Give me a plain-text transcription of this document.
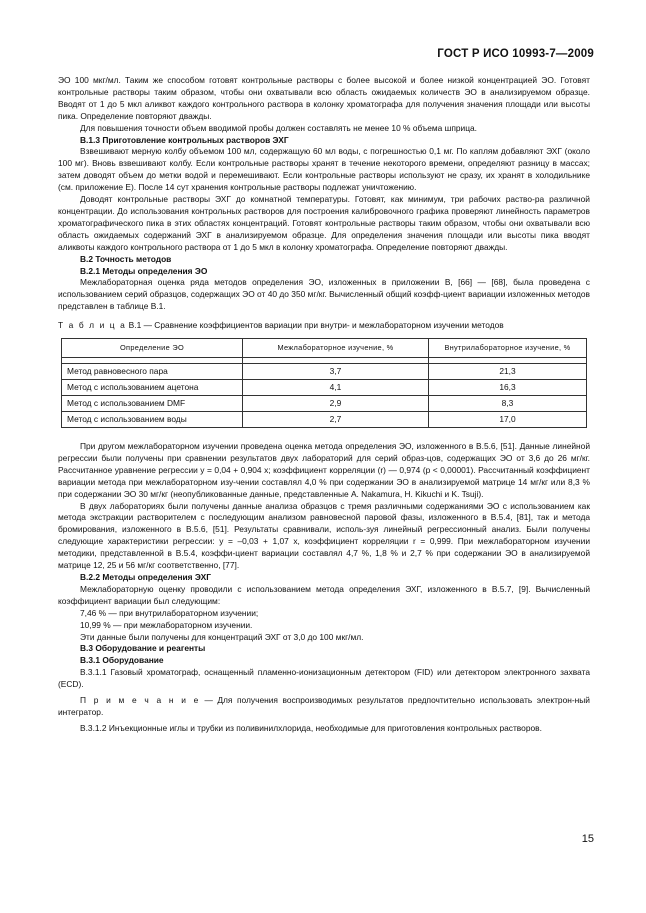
ГОСТ Р ИСО 10993-7—2009

ЭО 100 мкг/мл. Таким же способом готовят контрольные растворы с более высокой и более низкой концентрацией ЭО. Готовят контрольные растворы таким образом, чтобы они охватывали всю область ожидаемых количеств ЭО в анализируемом образце. Вводят от 1 до 5 мкл аликвот каждого контрольного раствора в колонку хроматографа для получения значения площади или высоты пика. Определение повторяют дважды.

Для повышения точности объем вводимой пробы должен составлять не менее 10 % объема шприца.

В.1.3 Приготовление контрольных растворов ЭХГ

Взвешивают мерную колбу объемом 100 мл, содержащую 60 мл воды, с погрешностью 0,1 мг. По каплям добавляют ЭХГ (около 100 мг). Вновь взвешивают колбу. Если контрольные растворы хранят в течение некоторого времени, определяют разницу в массах; затем доводят объем до метки водой и перемешивают. Если контрольные растворы используют не сразу, их хранят в холодильнике (см. приложение Е). После 14 сут хранения контрольные растворы подлежат уничтожению.

Доводят контрольные растворы ЭХГ до комнатной температуры. Готовят, как минимум, три рабочих раство-ра различной концентрации. До использования контрольных растворов для построения калибровочного графика проверяют линейность параметров хроматографического пика в этих областях концентраций. Готовят контрольные растворы таким образом, чтобы они охватывали всю область ожидаемых содержаний ЭХГ в анализируемом образце. Для определения значения площади или высоты пика вводят аликвоты каждого контрольного раствора от 1 до 5 мкл в колонку хроматографа. Определение повторяют дважды.

В.2 Точность методов

В.2.1 Методы определения ЭО

Межлабораторная оценка ряда методов определения ЭО, изложенных в приложении В, [66] — [68], была проведена с использованием серий образцов, содержащих ЭО от 40 до 350 мг/кг. Вычисленный общий коэфф-циент вариации изложенных методов представлен в таблице В.1.

Т а б л и ц а В.1 — Сравнение коэффициентов вариации при внутри- и межлабораторном изучении методов

Определение ЭО	Межлабораторное изучение, %	Внутрилабораторное изучение, %

Метод равновесного пара	3,7	21,3
Метод с использованием ацетона	4,1	16,3
Метод с использованием DMF	2,9	8,3
Метод с использованием воды	2,7	17,0

При другом межлабораторном изучении проведена оценка метода определения ЭО, изложенного в В.5.6, [51]. Данные линейной регрессии были получены при сравнении результатов двух лабораторий для серий образ-цов, содержащих ЭО от 3,6 до 26 мг/кг. Рассчитанное уравнение регрессии y = 0,04 + 0,904 x; коэффициент корреляции (r) — 0,974 (p < 0,00001). Рассчитанный коэффициент вариации метода при межлабораторном изу-чении составлял 4,0 % при содержании ЭО в анализируемой матрице 14 мг/кг или 8,3 % при содержании ЭО 30 мг/кг (неопубликованные данные, представленные A. Nakamura, H. Kikuchi и K. Tsuji).

В двух лабораториях были получены данные анализа образцов с тремя различными содержаниями ЭО с использованием как метода экстракции растворителем с последующим анализом равновесной паровой фазы, изложенного в В.5.4, [81], так и метода бромирования, изложенного в В.5.6, [51]. Результаты сравнивали, исполь-зуя линейный регрессионный анализ. Были получены следующие характеристики регрессии: y = –0,03 + 1,07 x, коэффициент корреляции r = 0,999. При межлабораторном изучении методики, представленной в В.5.4, коэффи-циент вариации составлял 4,7 %, 1,8 % и 2,7 % при содержании ЭО в анализируемой матрице 12, 25 и 56 мг/кг соответственно, [77].

В.2.2 Методы определения ЭХГ

Межлабораторную оценку проводили с использованием метода определения ЭХГ, изложенного в В.5.7, [9]. Вычисленный коэффициент вариации был следующим:

7,46 % — при внутрилабораторном изучении;

10,99 % — при межлабораторном изучении.

Эти данные были получены для концентраций ЭХГ от 3,0 до 100 мкг/мл.

В.3 Оборудование и реагенты

В.3.1 Оборудование

В.3.1.1 Газовый хроматограф, оснащенный пламенно-ионизационным детектором (FID) или детектором электронного захвата (ECD).

П р и м е ч а н и е — Для получения воспроизводимых результатов предпочтительно использовать электрон-ный интегратор.

В.3.1.2 Инъекционные иглы и трубки из поливинилхлорида, необходимые для приготовления контрольных растворов.

15
